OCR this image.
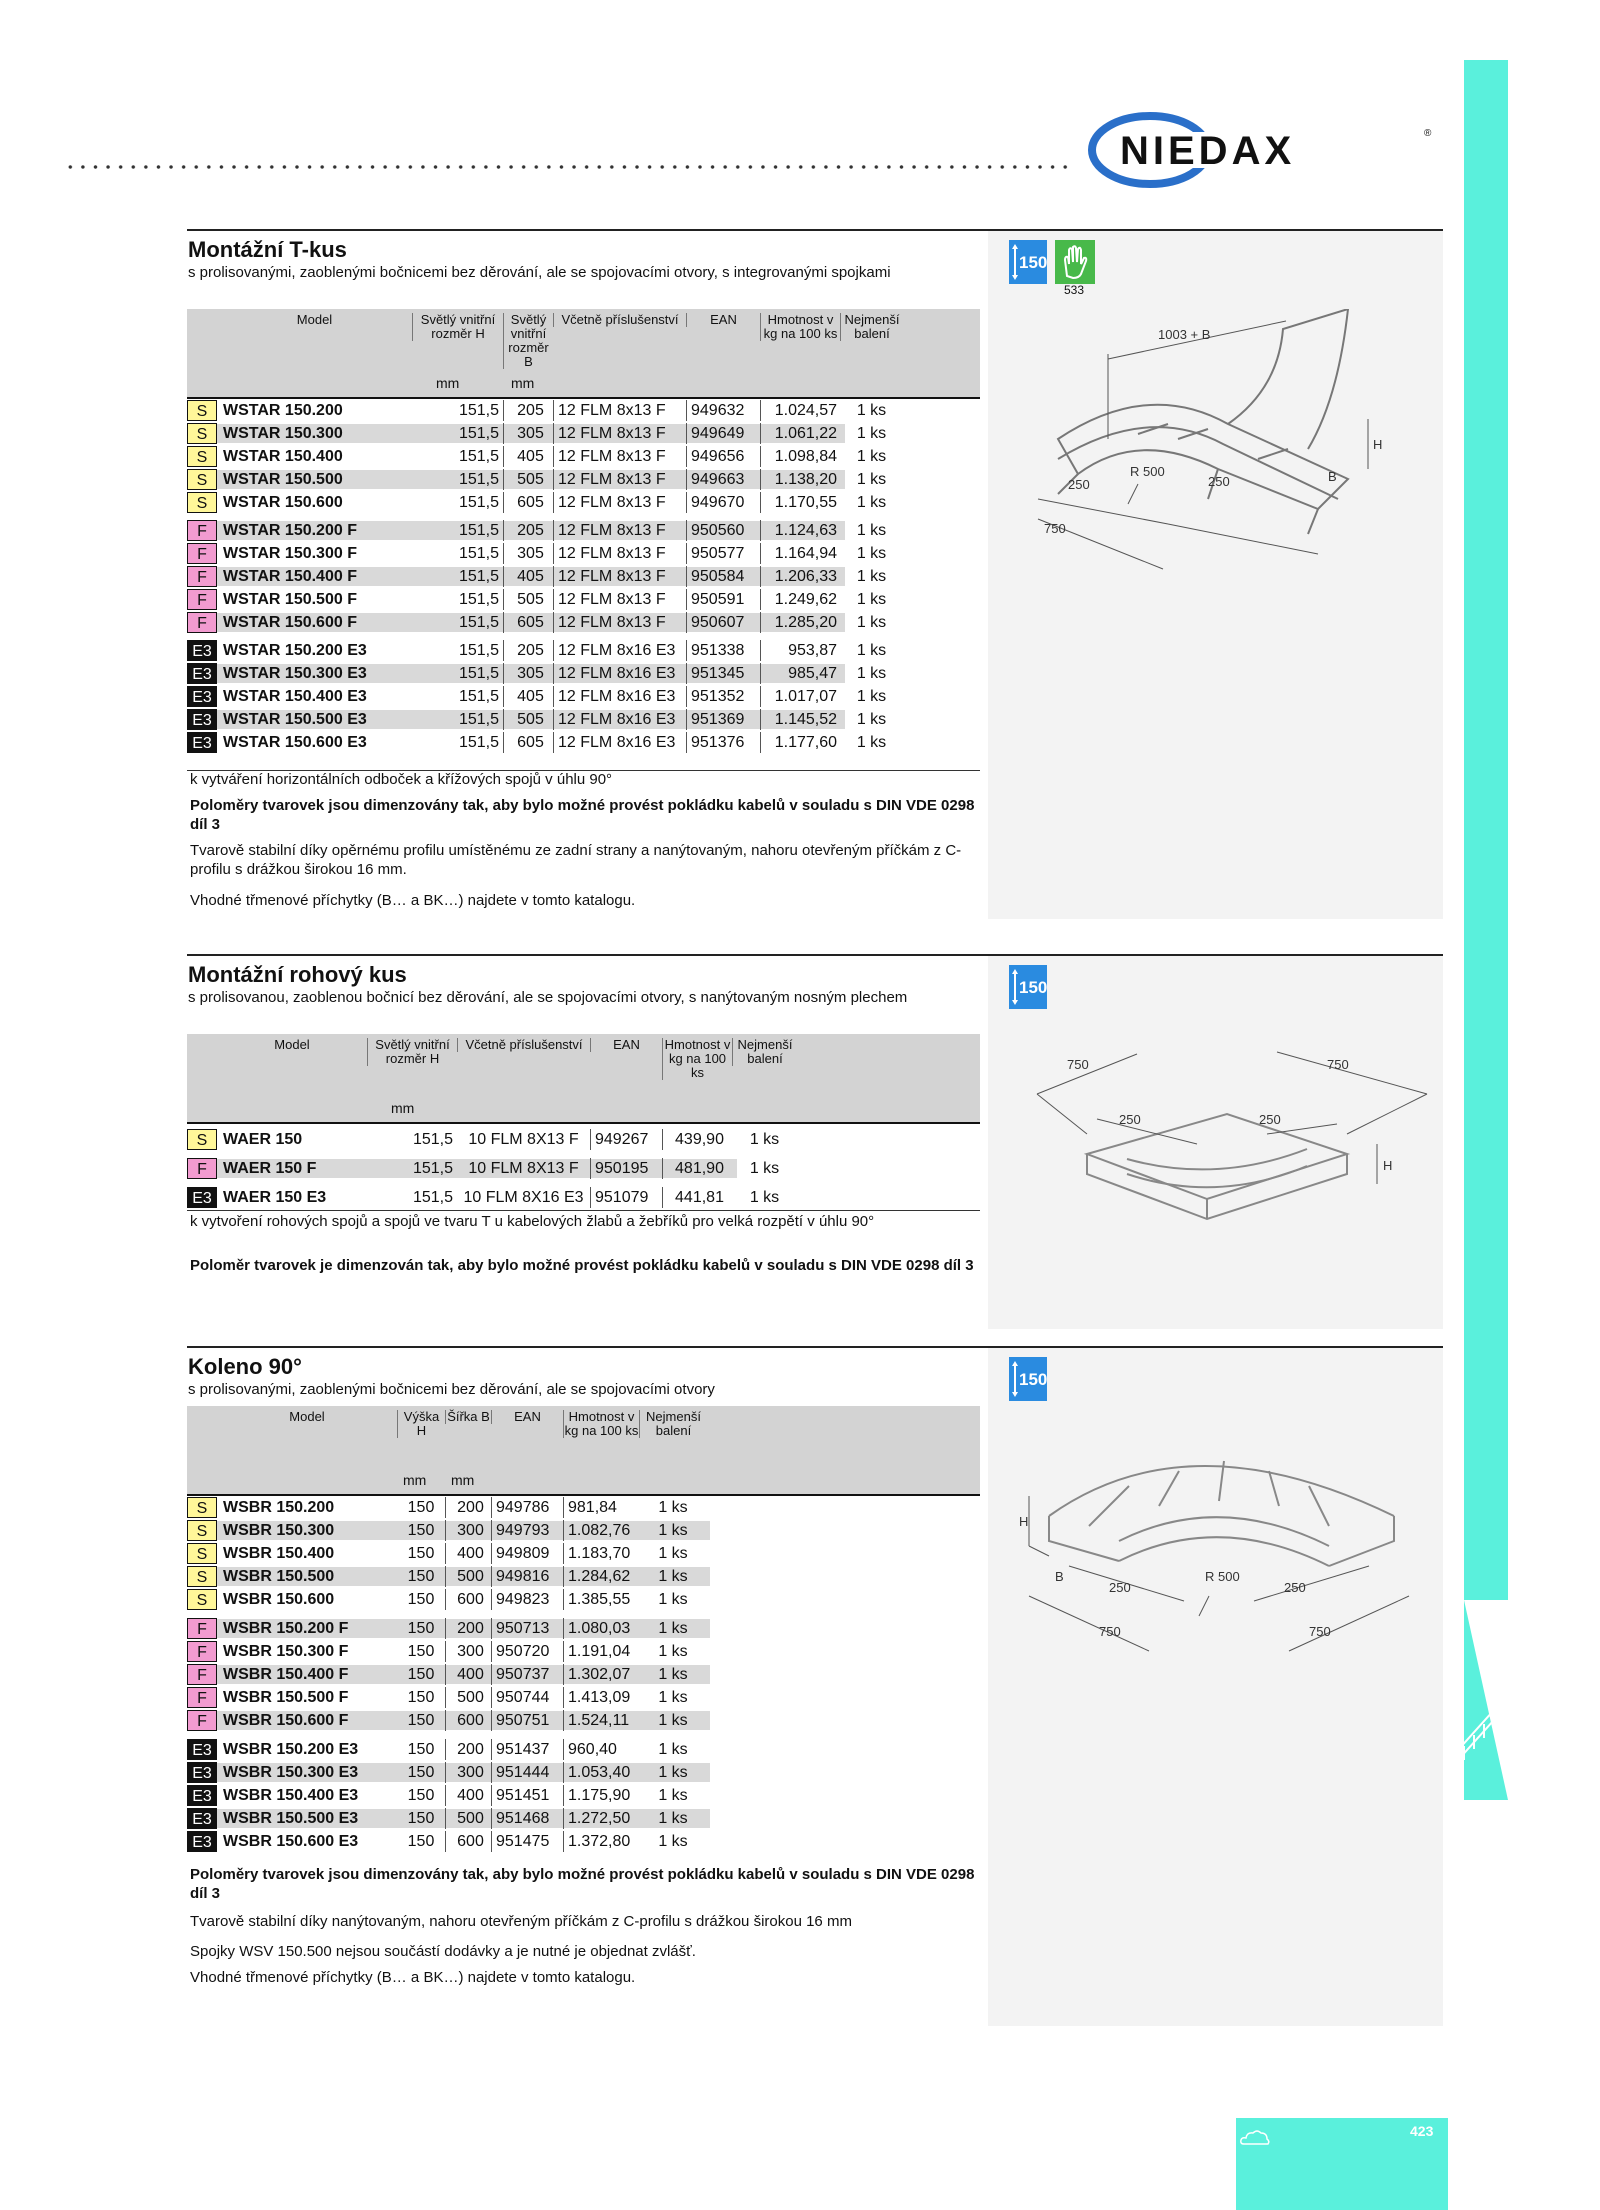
423
NIEDAX	®
Montážní T-kus
s prolisovanými, zaoblenými bočnicemi bez děrování, ale se spojovacími otvory, s integrovanými spojkami
Model	Světlý vnitřní rozměr H
Světlý vnitřní rozměr B
Včetně příslušenství	EAN	Hmotnost v kg na 100 ks
Nejmenší balení
mm	mm
S WSTAR 150.200	151,5	205 12 FLM 8x13 F	949632	1.024,57	1 ks
S WSTAR 150.300	151,5	305 12 FLM 8x13 F	949649	1.061,22	1 ks
S WSTAR 150.400	151,5	405 12 FLM 8x13 F	949656	1.098,84	1 ks
S WSTAR 150.500	151,5	505 12 FLM 8x13 F	949663	1.138,20	1 ks
S WSTAR 150.600	151,5	605 12 FLM 8x13 F	949670	1.170,55	1 ks
F	WSTAR 150.200 F	151,5	205 12 FLM 8x13 F	950560	1.124,63	1 ks
F	WSTAR 150.300 F	151,5	305 12 FLM 8x13 F	950577	1.164,94	1 ks
F	WSTAR 150.400 F	151,5	405 12 FLM 8x13 F	950584	1.206,33	1 ks
F	WSTAR 150.500 F	151,5	505 12 FLM 8x13 F	950591	1.249,62	1 ks
F	WSTAR 150.600 F	151,5	605 12 FLM 8x13 F	950607	1.285,20	1 ks
E3 WSTAR 150.200 E3	151,5	205 12 FLM 8x16 E3 951338	953,87	1 ks
E3 WSTAR 150.300 E3	151,5	305 12 FLM 8x16 E3 951345	985,47	1 ks
E3 WSTAR 150.400 E3	151,5	405 12 FLM 8x16 E3 951352	1.017,07	1 ks
E3 WSTAR 150.500 E3	151,5	505 12 FLM 8x16 E3 951369	1.145,52	1 ks
E3 WSTAR 150.600 E3	151,5	605 12 FLM 8x16 E3 951376	1.177,60	1 ks
k vytváření horizontálních odboček a křížových spojů v úhlu 90°
Poloměry tvarovek jsou dimenzovány tak, aby bylo možné provést pokládku kabelů v souladu s DIN VDE 0298 díl 3
Tvarově stabilní díky opěrnému profilu umístěnému ze zadní strany a nanýtovaným, nahoru otevřeným příčkám z C-profilu s drážkou širokou 16 mm.
Vhodné třmenové příchytky (B… a BK…) najdete v tomto katalogu.
150
533
1003 + B
H
R 500	B
250	250
750
Montážní rohový kus
s prolisovanou, zaoblenou bočnicí bez děrování, ale se spojovacími otvory, s nanýtovaným nosným plechem
Model	Světlý vnitřní rozměr H
Včetně příslušenství	EAN	Hmotnost v kg na 100 ks
Nejmenší balení
mm
S WAER 150	151,5 10 FLM 8X13 F	949267	439,90	1 ks
F	WAER 150 F	151,5 10 FLM 8X13 F	950195	481,90	1 ks
E3 WAER 150 E3	151,5 10 FLM 8X16 E3 951079	441,81	1 ks
k vytvoření rohových spojů a spojů ve tvaru T u kabelových žlabů a žebříků pro velká rozpětí v úhlu 90°
Poloměr tvarovek je dimenzován tak, aby bylo možné provést pokládku kabelů v souladu s DIN VDE 0298 díl 3
150
750	750
250	250
H
Koleno 90°
s prolisovanými, zaoblenými bočnicemi bez děrování, ale se spojovacími otvory
Model	Výška H
Šířka B	EAN	Hmotnost v kg na 100 ks
Nejmenší balení
mm mm
S WSBR 150.200	150	200 949786	981,84	1 ks
S WSBR 150.300	150	300 949793	1.082,76	1 ks
S WSBR 150.400	150	400 949809	1.183,70	1 ks
S WSBR 150.500	150	500 949816	1.284,62	1 ks
S WSBR 150.600	150	600 949823	1.385,55	1 ks
F	WSBR 150.200 F	150	200 950713	1.080,03	1 ks
F	WSBR 150.300 F	150	300 950720	1.191,04	1 ks
F	WSBR 150.400 F	150	400 950737	1.302,07	1 ks
F	WSBR 150.500 F	150	500 950744	1.413,09	1 ks
F	WSBR 150.600 F	150	600 950751	1.524,11	1 ks
E3 WSBR 150.200 E3	150	200 951437	960,40	1 ks
E3 WSBR 150.300 E3	150	300 951444	1.053,40	1 ks
E3 WSBR 150.400 E3	150	400 951451	1.175,90	1 ks
E3 WSBR 150.500 E3	150	500 951468	1.272,50	1 ks
E3 WSBR 150.600 E3	150	600 951475	1.372,80	1 ks
Poloměry tvarovek jsou dimenzovány tak, aby bylo možné provést pokládku kabelů v souladu s DIN VDE 0298 díl 3
Tvarově stabilní díky nanýtovaným, nahoru otevřeným příčkám z C-profilu s drážkou širokou 16 mm
Spojky WSV 150.500 nejsou součástí dodávky a je nutné je objednat zvlášť.
Vhodné třmenové příchytky (B… a BK…) najdete v tomto katalogu.
150
H
B	R 500
250	250
750	750
